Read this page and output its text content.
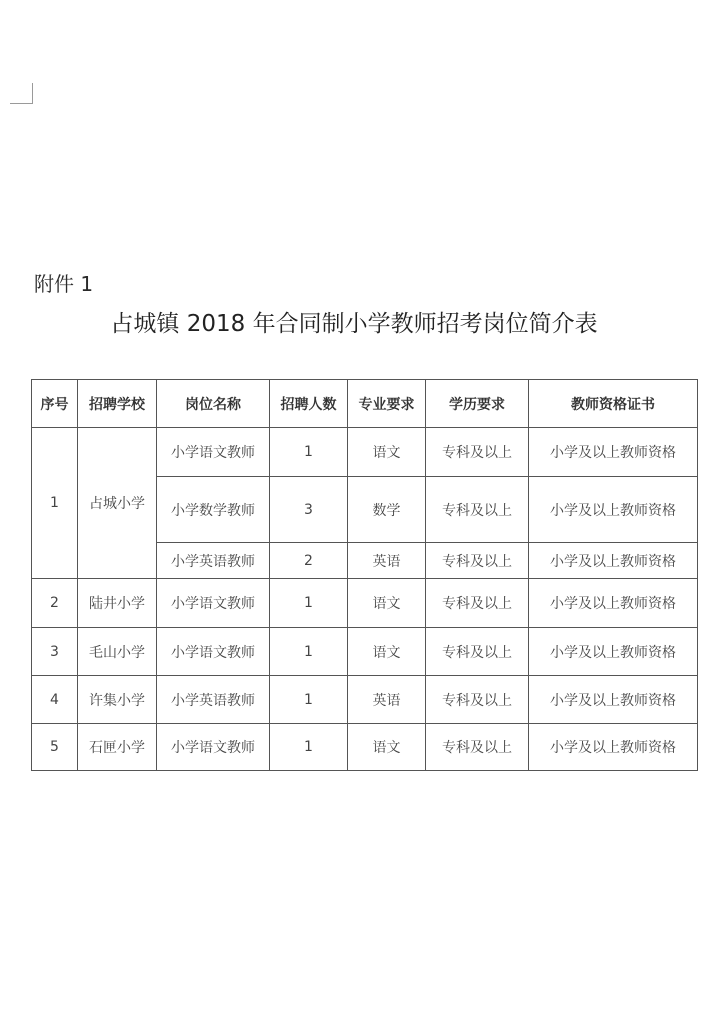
附件 1
占城镇 2018 年合同制小学教师招考岗位简介表
序号	招聘学校	岗位名称	招聘人数	专业要求	学历要求	教师资格证书
1	占城小学	小学语文教师	1	语文	专科及以上	小学及以上教师资格
		小学数学教师	3	数学	专科及以上	小学及以上教师资格
		小学英语教师	2	英语	专科及以上	小学及以上教师资格
2	陆井小学	小学语文教师	1	语文	专科及以上	小学及以上教师资格
3	毛山小学	小学语文教师	1	语文	专科及以上	小学及以上教师资格
4	许集小学	小学英语教师	1	英语	专科及以上	小学及以上教师资格
5	石匣小学	小学语文教师	1	语文	专科及以上	小学及以上教师资格
